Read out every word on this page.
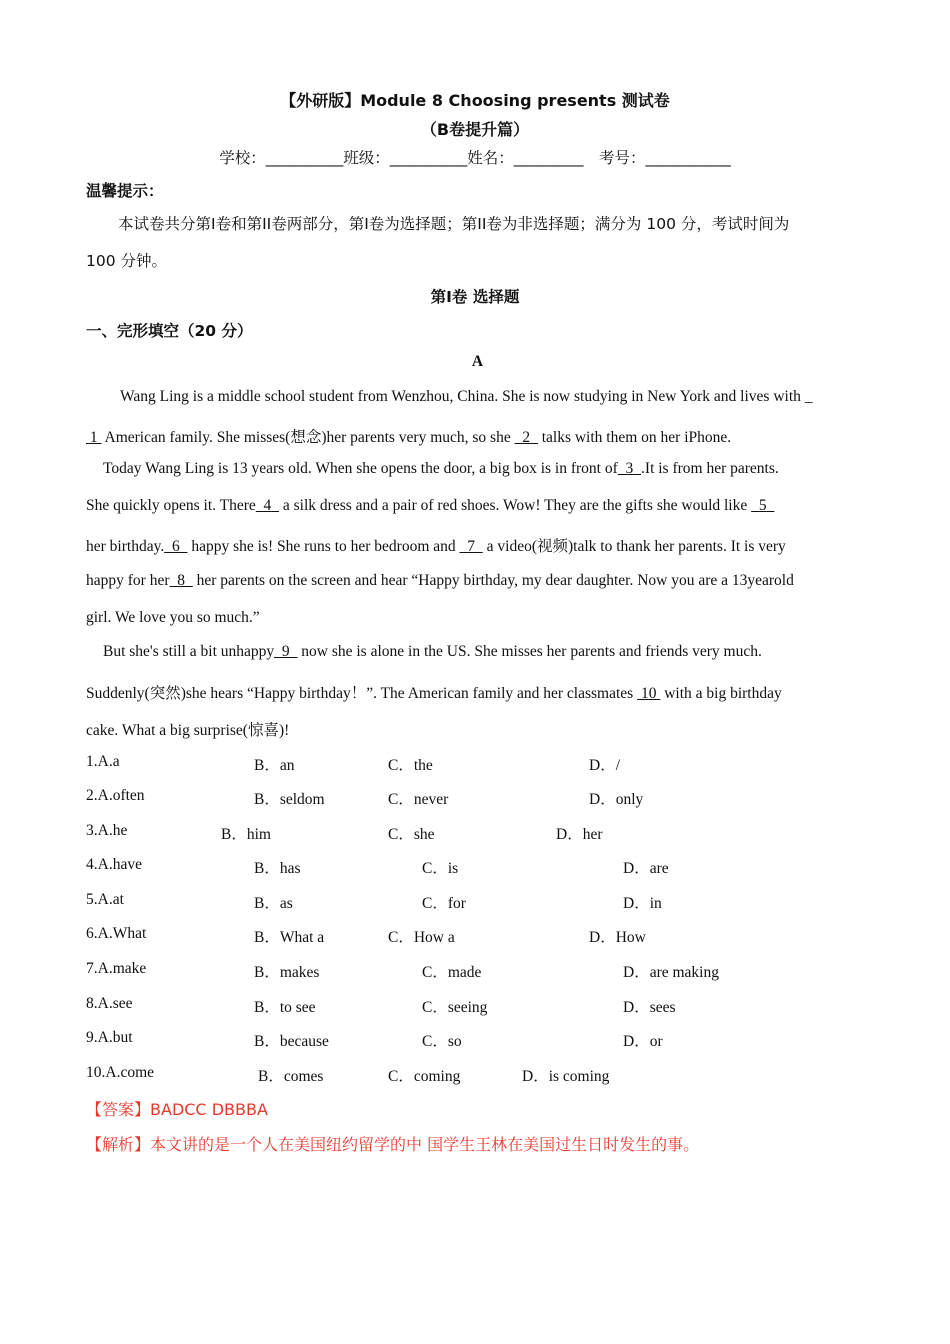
【外研版】Module 8 Choosing presents 测试卷
（B卷提升篇）
学校：__________班级：__________姓名：_________　考号：___________
温馨提示：
本试卷共分第I卷和第II卷两部分，第I卷为选择题；第II卷为非选择题；满分为 100 分，考试时间为
100 分钟。
第I卷 选择题
一、完形填空（20 分）
A
Wang Ling is a middle school student from Wenzhou, China. She is now studying in New York and lives with _
1  American family. She misses(想念)her parents very much, so she   2   talks with them on her iPhone.
Today Wang Ling is 13 years old. When she opens the door, a big box is in front of 3 .It is from her parents.
She quickly opens it. There 4   a silk dress and a pair of red shoes. Wow! They are the gifts she would like   5
her birthday. 6   happy she is! She runs to her bedroom and   7   a video(视频)talk to thank her parents. It is very
happy for her 8   her parents on the screen and hear “Happy birthday, my dear daughter. Now you are a 13yearold
girl. We love you so much.”
But she's still a bit unhappy 9   now she is alone in the US. She misses her parents and friends very much.
Suddenly(突然)she hears “Happy birthday！”. The American family and her classmates  10  with a big birthday
cake. What a big surprise(惊喜)!
1.A.a	B．an	C．the	D．/
2.A.often	B．seldom	C．never	D．only
3.A.he	B．him	C．she	D．her
4.A.have	B．has	C．is	D．are
5.A.at	B．as	C．for	D．in
6.A.What	B．What a	C．How a	D．How
7.A.make	B．makes	C．made	D．are making
8.A.see	B．to see	C．seeing	D．sees
9.A.but	B．because	C．so	D．or
10.A.come	B．comes	C．coming	D．is coming
【答案】BADCC DBBBA
【解析】本文讲的是一个人在美国纽约留学的中 国学生王林在美国过生日时发生的事。
